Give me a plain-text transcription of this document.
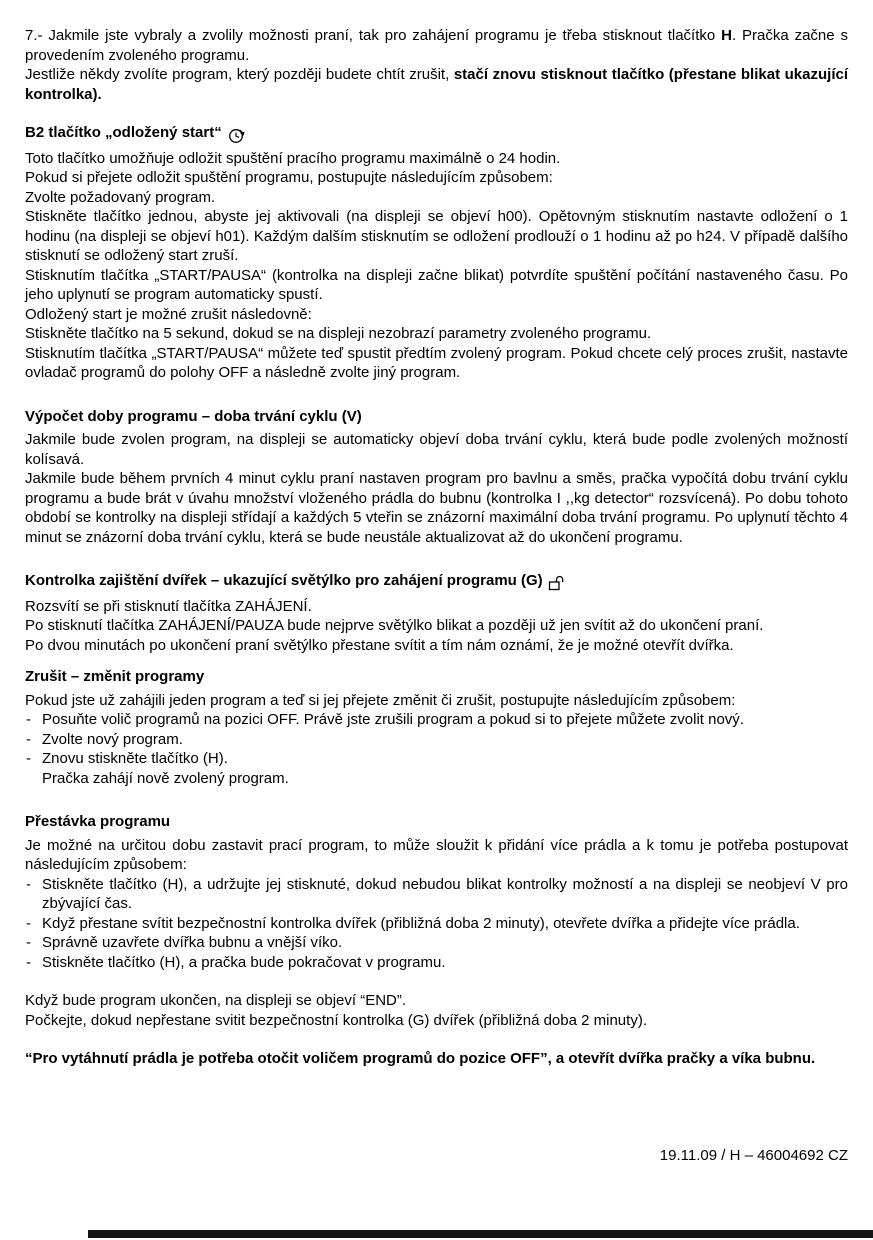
7.- Jakmile jste vybraly a zvolily možnosti praní, tak pro zahájení programu je třeba stisknout tlačítko H. Pračka začne s provedením zvoleného programu.

Jestliže někdy zvolíte program, který později budete chtít zrušit, stačí znovu stisknout tlačítko (přestane blikat ukazující kontrolka).

B2 tlačítko „odložený start“

Toto tlačítko umožňuje odložit spuštění pracího programu maximálně o 24 hodin.

Pokud si přejete odložit spuštění programu, postupujte následujícím způsobem:

Zvolte požadovaný program.

Stiskněte tlačítko jednou, abyste jej aktivovali (na displeji se objeví h00). Opětovným stisknutím nastavte odložení o 1 hodinu (na displeji se objeví h01). Každým dalším stisknutím se odložení prodlouží o 1 hodinu až po h24. V případě dalšího stisknutí se odložený start zruší.

Stisknutím tlačítka „START/PAUSA“ (kontrolka na displeji začne blikat) potvrdíte spuštění počítání nastaveného času. Po jeho uplynutí se program automaticky spustí.

Odložený start je možné zrušit následovně:

Stiskněte tlačítko na 5 sekund, dokud se na displeji nezobrazí parametry zvoleného programu.

Stisknutím tlačítka „START/PAUSA“ můžete teď spustit předtím zvolený program. Pokud chcete celý proces zrušit, nastavte ovladač programů do polohy OFF a následně zvolte jiný program.

Výpočet doby programu – doba trvání cyklu (V)

Jakmile bude zvolen program, na displeji se automaticky objeví doba trvání cyklu, která bude podle zvolených možností kolísavá.

Jakmile bude během prvních 4 minut cyklu praní nastaven program pro bavlnu a směs, pračka vypočítá dobu trvání cyklu programu a bude brát v úvahu množství vloženého prádla do bubnu (kontrolka I ,,kg detector“ rozsvícená). Po dobu tohoto období se kontrolky na displeji střídají a každých 5 vteřin se znázorní maximální doba trvání programu. Po uplynutí těchto 4 minut se znázorní doba trvání cyklu, která se bude neustále aktualizovat až do ukončení programu.

Kontrolka zajištění dvířek – ukazující světýlko pro zahájení programu (G)

Rozsvítí se při stisknutí tlačítka ZAHÁJENÍ.

Po stisknutí tlačítka ZAHÁJENÍ/PAUZA bude nejprve světýlko blikat a později už jen svítit až do ukončení praní.

Po dvou minutách po ukončení praní světýlko přestane svítit a tím nám oznámí, že je možné otevřít dvířka.

Zrušit – změnit programy

Pokud jste už zahájili jeden program a teď si jej přejete změnit či zrušit, postupujte následujícím způsobem:

- Posuňte volič programů na pozici OFF. Právě jste zrušili program a pokud si to přejete můžete zvolit nový.
- Zvolte nový program.
- Znovu stiskněte tlačítko (H).
Pračka zahájí nově zvolený program.
Přestávka programu

Je možné na určitou dobu zastavit prací program, to může sloužit k přidání více prádla a k tomu je potřeba postupovat následujícím způsobem:

- Stiskněte tlačítko (H), a udržujte jej stisknuté, dokud nebudou blikat kontrolky možností a na displeji se neobjeví V pro zbývající čas.
- Když přestane svítit bezpečnostní kontrolka dvířek (přibližná doba 2 minuty), otevřete dvířka a přidejte více prádla.
- Správně uzavřete dvířka bubnu a vnější víko.
- Stiskněte tlačítko (H), a pračka bude pokračovat v programu.

Když bude program ukončen, na displeji se objeví “END”.

Počkejte, dokud nepřestane svitit bezpečnostní kontrolka (G) dvířek (přibližná doba 2 minuty).

“Pro vytáhnutí prádla je potřeba otočit voličem programů do pozice OFF”, a otevřít dvířka pračky a víka bubnu.

19.11.09 / H – 46004692 CZ
